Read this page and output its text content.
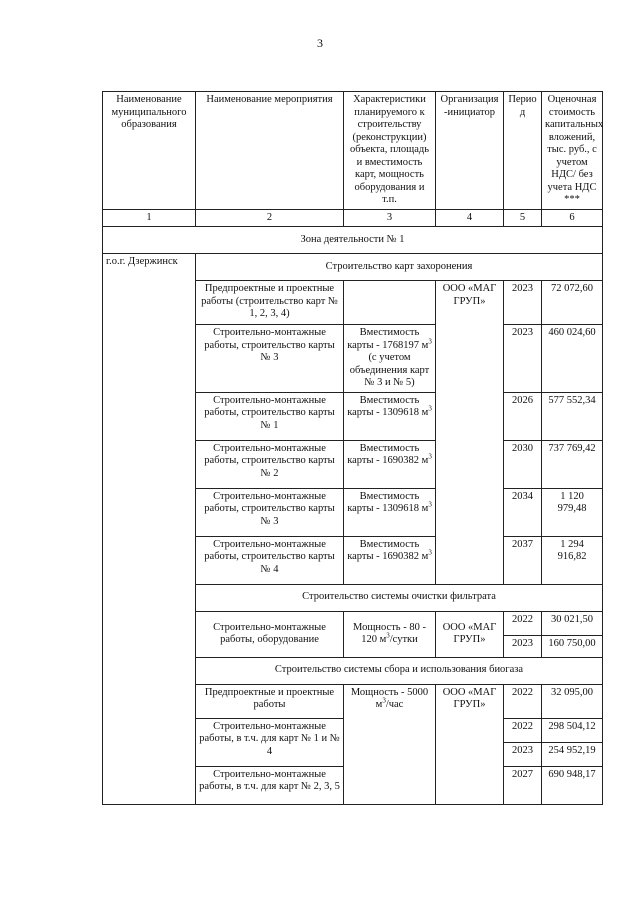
3
Наименование муниципального образования	Наименование мероприятия	Характеристики планируемого к строительству (реконструкции) объекта, площадь и вместимость карт, мощность оборудования и т.п.	Организация -инициатор	Перио д	Оценочная стоимость капитальных вложений, тыс. руб., с учетом НДС/ без учета НДС ***
1	2	3	4	5	6
Зона деятельности № 1					
г.о.г. Дзержинск	Строительство карт захоронения				
	Предпроектные и проектные работы (строительство карт № 1, 2, 3, 4)		ООО «МАГ ГРУП»	2023	72 072,60
	Строительно-монтажные работы, строительство карты № 3	Вместимость карты - 1768197 $м^3$ (с учетом объединения карт № 3 и № 5)		2023	460 024,60
	Строительно-монтажные работы, строительство карты № 1	Вместимость карты - 1309618 $м^3$		2026	577 552,34
	Строительно-монтажные работы, строительство карты № 2	Вместимость карты - 1690382 $м^3$		2030	737 769,42
	Строительно-монтажные работы, строительство карты № 3	Вместимость карты - 1309618 $м^3$		2034	1 120 979,48
	Строительно-монтажные работы, строительство карты № 4	Вместимость карты - 1690382 $м^3$		2037	1 294 916,82
	Строительство системы очистки фильтрата				
	Строительно-монтажные работы, оборудование	Мощность - 80 - 120 $м^3$/сутки	ООО «МАГ ГРУП»	2022	30 021,50
				2023	160 750,00
	Строительство системы сбора и использования биогаза				
	Предпроектные и проектные работы	Мощность - 5000 $м^3$/час	ООО «МАГ ГРУП»	2022	32 095,00
	Строительно-монтажные работы, в т.ч. для карт № 1 и № 4			2022	298 504,12
				2023	254 952,19
	Строительно-монтажные работы, в т.ч. для карт № 2, 3, 5			2027	690 948,17
